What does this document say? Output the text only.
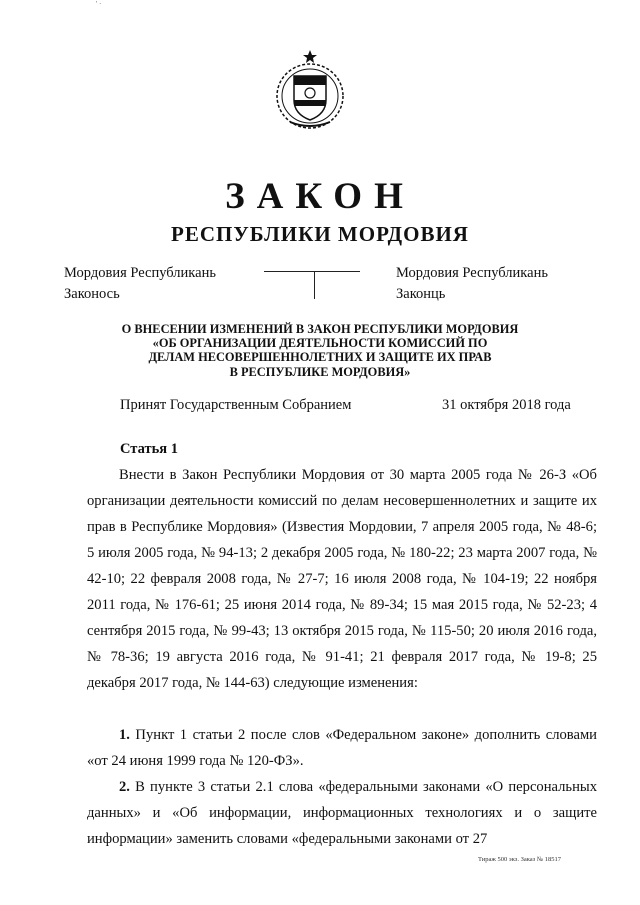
' ·
ЗАКОН
РЕСПУБЛИКИ МОРДОВИЯ
Мордовия Республикань
Законось
Мордовия Республикань
Законць
О ВНЕСЕНИИ ИЗМЕНЕНИЙ В ЗАКОН РЕСПУБЛИКИ МОРДОВИЯ
«ОБ ОРГАНИЗАЦИИ ДЕЯТЕЛЬНОСТИ КОМИССИЙ ПО
ДЕЛАМ НЕСОВЕРШЕННОЛЕТНИХ И ЗАЩИТЕ ИХ ПРАВ
В РЕСПУБЛИКЕ МОРДОВИЯ»
Принят Государственным Собранием	31 октября 2018 года
Статья 1
Внести в Закон Республики Мордовия от 30 марта 2005 года № 26-З «Об организации деятельности комиссий по делам несовершеннолетних и защите их прав в Республике Мордовия» (Известия Мордовии, 7 апреля 2005 года, № 48-6; 5 июля 2005 года, № 94-13; 2 декабря 2005 года, № 180-22; 23 марта 2007 года, № 42-10; 22 февраля 2008 года, № 27-7; 16 июля 2008 года, № 104-19; 22 ноября 2011 года, № 176-61; 25 июня 2014 года, № 89-34; 15 мая 2015 года, № 52-23; 4 сентября 2015 года, № 99-43; 13 октября 2015 года, № 115-50; 20 июля 2016 года, № 78-36; 19 августа 2016 года, № 91-41; 21 февраля 2017 года, № 19-8; 25 декабря 2017 года, № 144-63) следующие изменения:
1. Пункт 1 статьи 2 после слов «Федеральном законе» дополнить словами «от 24 июня 1999 года № 120-ФЗ».
2. В пункте 3 статьи 2.1 слова «федеральными законами «О персональных данных» и «Об информации, информационных технологиях и о защите информации» заменить словами «федеральными законами от 27
Тираж 500 экз. Заказ № 18517
